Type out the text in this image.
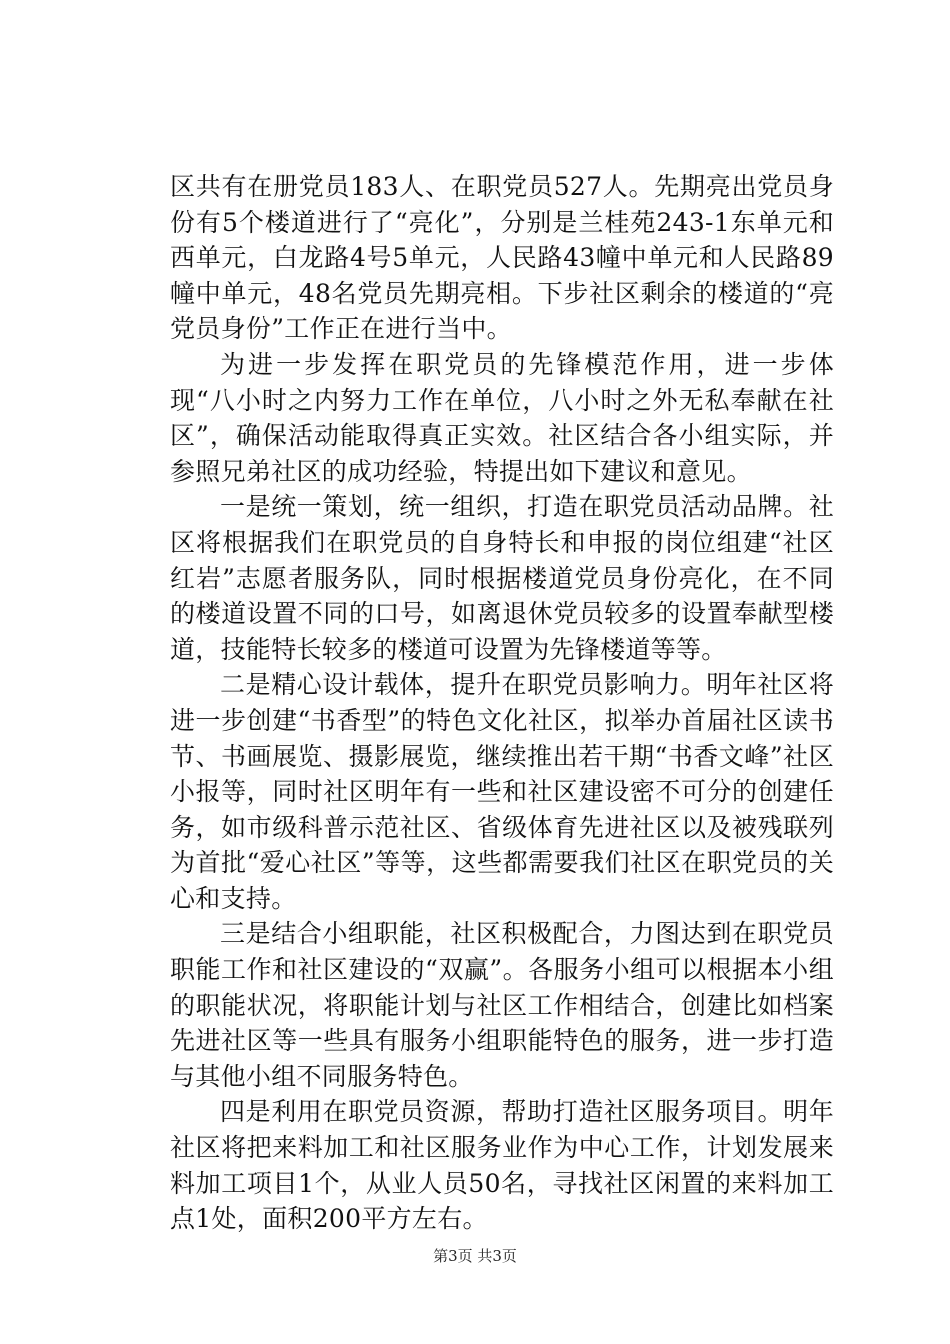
区共有在册党员183人、在职党员527人。先期亮出党员身份有5个楼道进行了“亮化”，分别是兰桂苑243-1东单元和西单元，白龙路4号5单元，人民路43幢中单元和人民路89幢中单元，48名党员先期亮相。下步社区剩余的楼道的“亮党员身份”工作正在进行当中。

为进一步发挥在职党员的先锋模范作用，进一步体现“八小时之内努力工作在单位，八小时之外无私奉献在社区”，确保活动能取得真正实效。社区结合各小组实际，并参照兄弟社区的成功经验，特提出如下建议和意见。

一是统一策划，统一组织，打造在职党员活动品牌。社区将根据我们在职党员的自身特长和申报的岗位组建“社区红岩”志愿者服务队，同时根据楼道党员身份亮化，在不同的楼道设置不同的口号，如离退休党员较多的设置奉献型楼道，技能特长较多的楼道可设置为先锋楼道等等。

二是精心设计载体，提升在职党员影响力。明年社区将进一步创建“书香型”的特色文化社区，拟举办首届社区读书节、书画展览、摄影展览，继续推出若干期“书香文峰”社区小报等，同时社区明年有一些和社区建设密不可分的创建任务，如市级科普示范社区、省级体育先进社区以及被残联列为首批“爱心社区”等等，这些都需要我们社区在职党员的关心和支持。

三是结合小组职能，社区积极配合，力图达到在职党员职能工作和社区建设的“双赢”。各服务小组可以根据本小组的职能状况，将职能计划与社区工作相结合，创建比如档案先进社区等一些具有服务小组职能特色的服务，进一步打造与其他小组不同服务特色。

四是利用在职党员资源，帮助打造社区服务项目。明年社区将把来料加工和社区服务业作为中心工作，计划发展来料加工项目1个，从业人员50名，寻找社区闲置的来料加工点1处，面积200平方左右。

第3页 共3页
